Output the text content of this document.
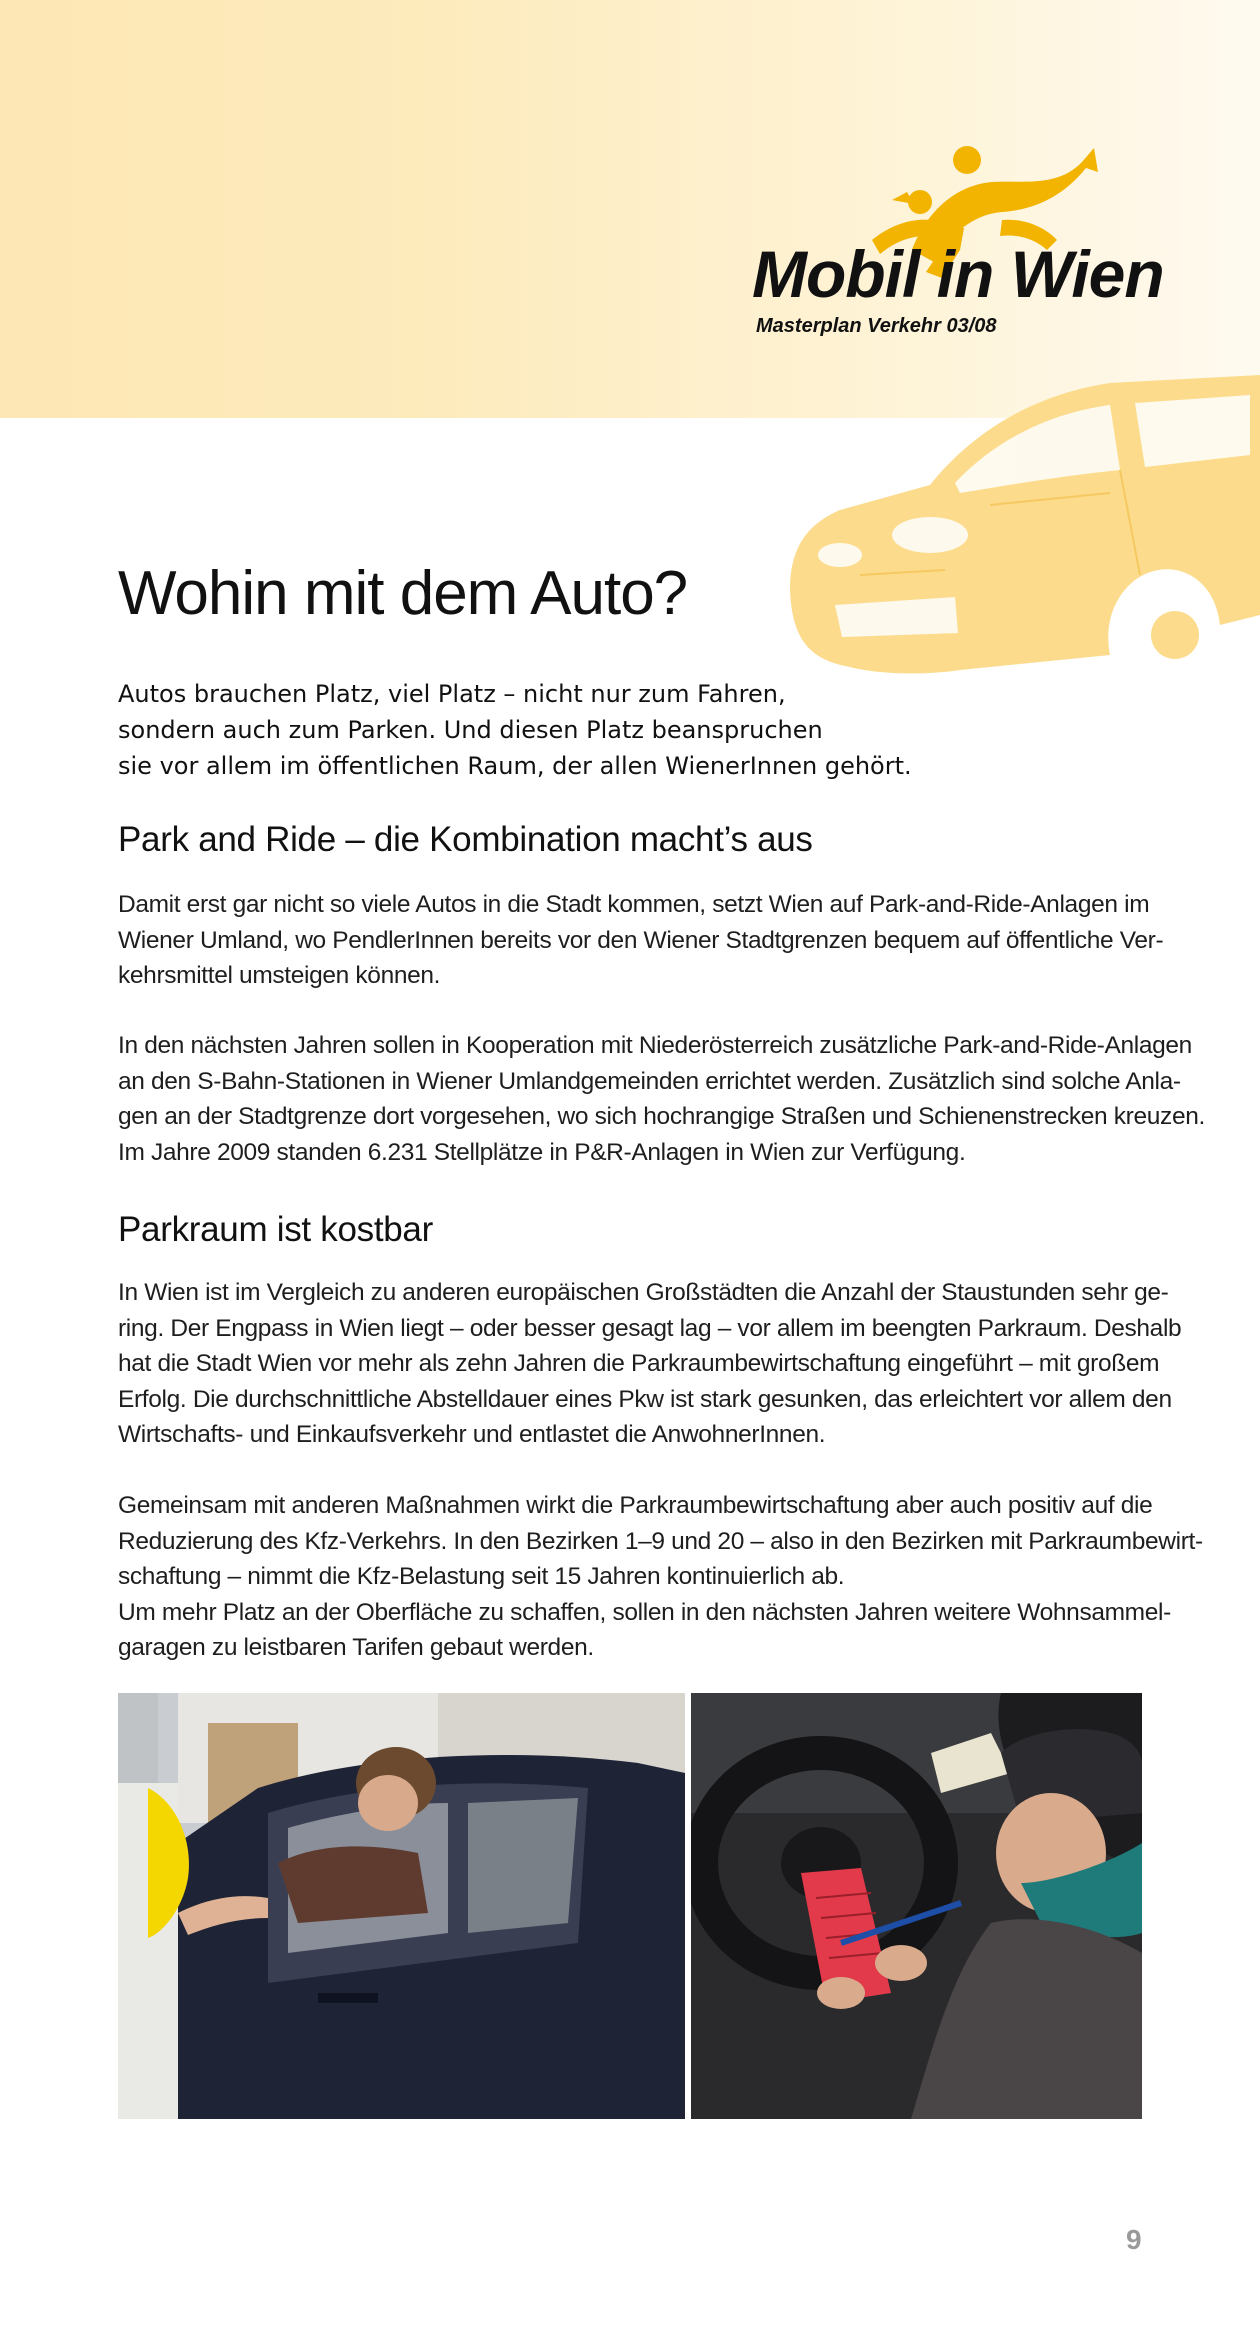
Mobil in Wien
Masterplan Verkehr 03/08
Wohin mit dem Auto?

Autos brauchen Platz, viel Platz – nicht nur zum Fahren,
sondern auch zum Parken. Und diesen Platz beanspruchen
sie vor allem im öffentlichen Raum, der allen WienerInnen gehört.

Park and Ride – die Kombination macht’s aus

Damit erst gar nicht so viele Autos in die Stadt kommen, setzt Wien auf Park-and-Ride-Anlagen im
Wiener Umland, wo PendlerInnen bereits vor den Wiener Stadtgrenzen bequem auf öffentliche Ver-
kehrsmittel umsteigen können.

In den nächsten Jahren sollen in Kooperation mit Niederösterreich zusätzliche Park-and-Ride-Anlagen
an den S-Bahn-Stationen in Wiener Umlandgemeinden errichtet werden. Zusätzlich sind solche Anla-
gen an der Stadtgrenze dort vorgesehen, wo sich hochrangige Straßen und Schienenstrecken kreuzen.
Im Jahre 2009 standen 6.231 Stellplätze in P&R-Anlagen in Wien zur Verfügung.

Parkraum ist kostbar

In Wien ist im Vergleich zu anderen europäischen Großstädten die Anzahl der Staustunden sehr ge-
ring. Der Engpass in Wien liegt – oder besser gesagt lag – vor allem im beengten Parkraum. Deshalb
hat die Stadt Wien vor mehr als zehn Jahren die Parkraumbewirtschaftung eingeführt – mit großem
Erfolg. Die durchschnittliche Abstelldauer eines Pkw ist stark gesunken, das erleichtert vor allem den
Wirtschafts- und Einkaufsverkehr und entlastet die AnwohnerInnen.

Gemeinsam mit anderen Maßnahmen wirkt die Parkraumbewirtschaftung aber auch positiv auf die
Reduzierung des Kfz-Verkehrs. In den Bezirken 1–9 und 20 – also in den Bezirken mit Parkraumbewirt-
schaftung – nimmt die Kfz-Belastung seit 15 Jahren kontinuierlich ab.
Um mehr Platz an der Oberfläche zu schaffen, sollen in den nächsten Jahren weitere Wohnsammel-
garagen zu leistbaren Tarifen gebaut werden.

9
